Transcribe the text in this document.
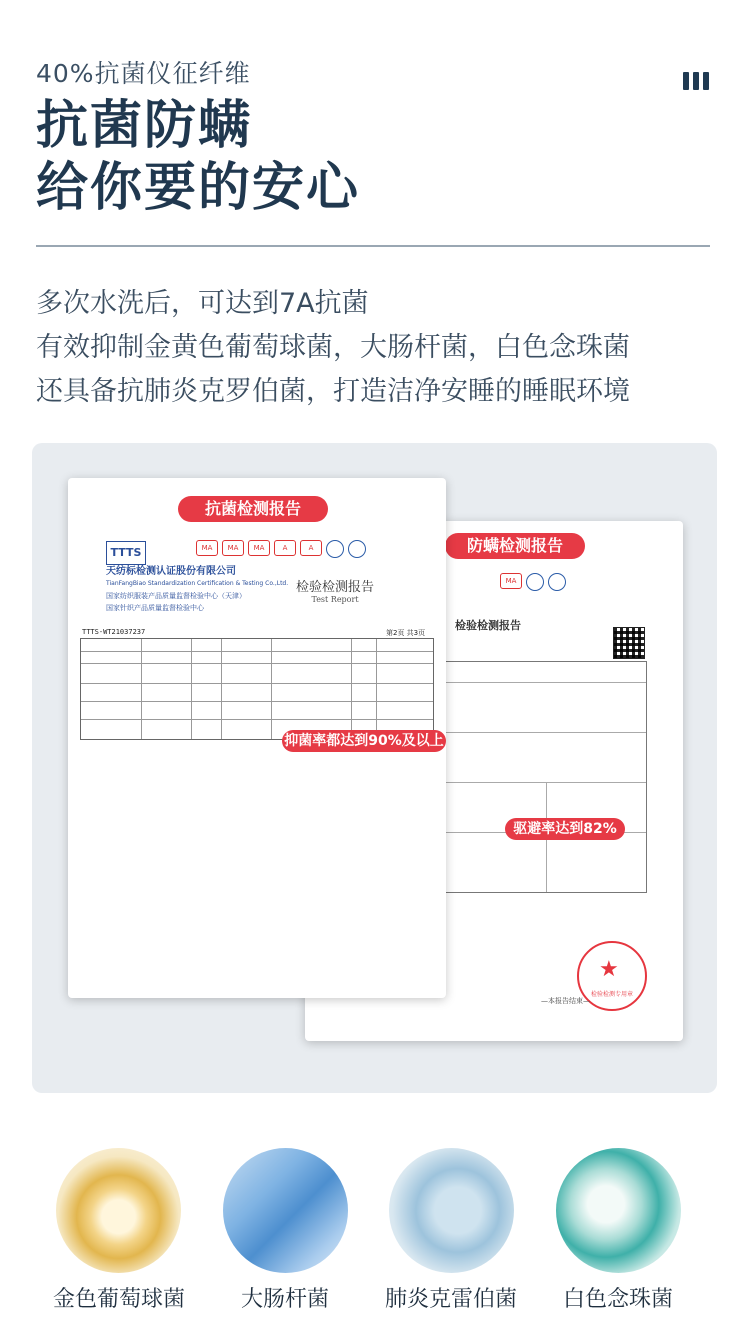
40%抗菌仪征纤维
抗菌防螨
给你要的安心
多次水洗后，可达到7A抗菌
有效抑制金黄色葡萄球菌，大肠杆菌，白色念珠菌
还具备抗肺炎克罗伯菌，打造洁净安睡的睡眠环境
防螨检测报告
MA
检验检测报告
★
检验检测专用章
—本报告结束—
抗菌检测报告
TTTS	MA	MA	MA	A	A
天纺标检测认证股份有限公司
TianFangBiao Standardization Certification & Testing Co.,Ltd.
国家纺织服装产品质量监督检验中心（天津）
国家针织产品质量监督检验中心
检验检测报告
Test Report
TTTS-WT21037237	第2页 共3页
抑菌率都达到90%及以上
驱避率达到82%
金色葡萄球菌	大肠杆菌	肺炎克雷伯菌	白色念珠菌
